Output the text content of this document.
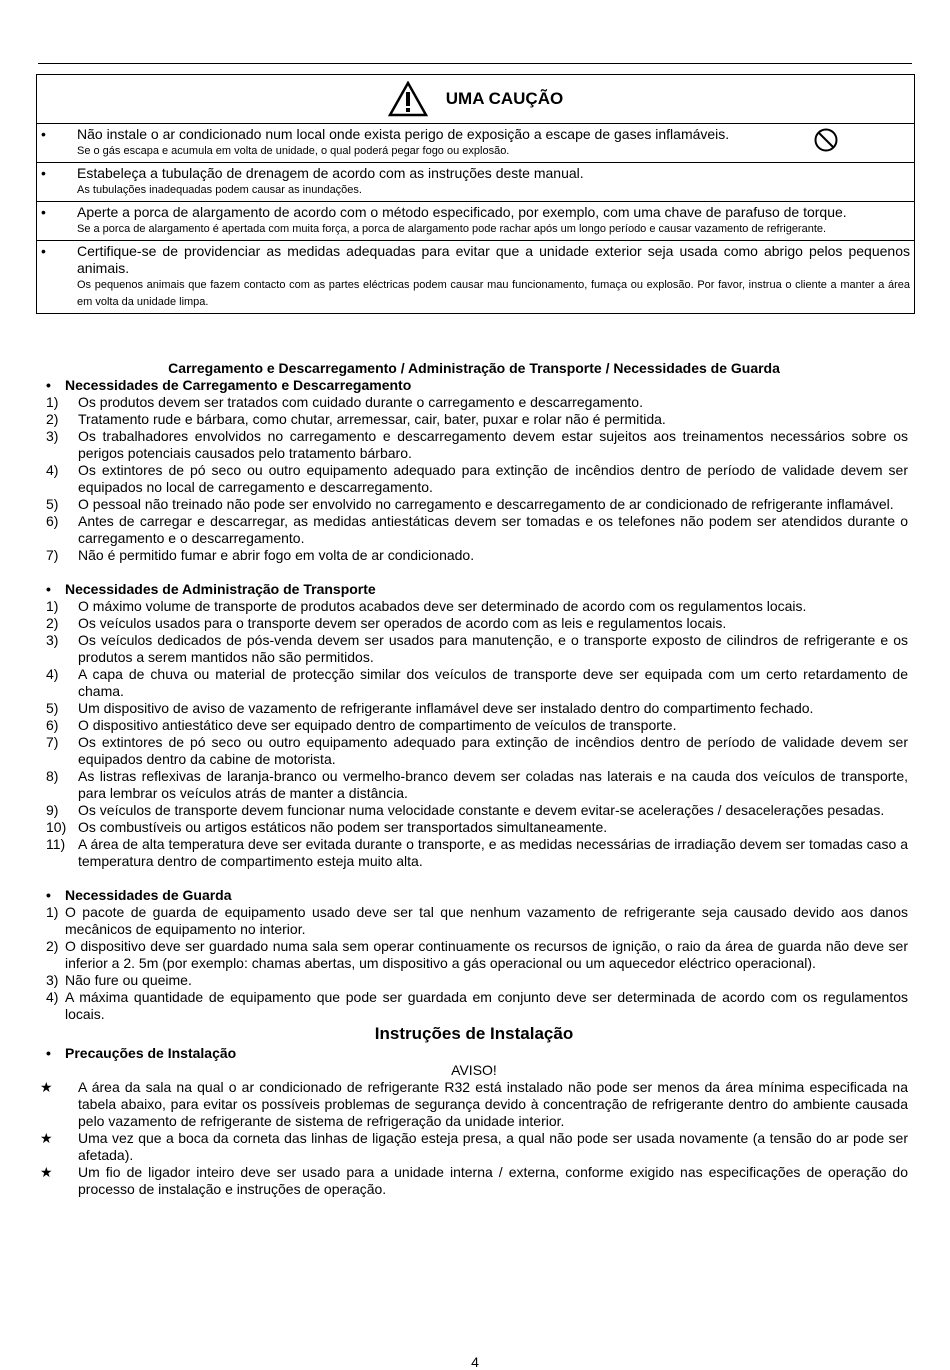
UMA CAUÇÃO
• Não instale o ar condicionado num local onde exista perigo de exposição a escape de gases inflamáveis.
Se o gás escapa e acumula em volta de unidade, o qual poderá pegar fogo ou explosão.
• Estabeleça a tubulação de drenagem de acordo com as instruções deste manual.
As tubulações inadequadas podem causar as inundações.
• Aperte a porca de alargamento de acordo com o método especificado, por exemplo, com uma chave de parafuso de torque.
Se a porca de alargamento é apertada com muita força, a porca de alargamento pode rachar após um longo período e causar vazamento de refrigerante.
• Certifique-se de providenciar as medidas adequadas para evitar que a unidade exterior seja usada como abrigo pelos pequenos animais.
Os pequenos animais que fazem contacto com as partes eléctricas podem causar mau funcionamento, fumaça ou explosão. Por favor, instrua o cliente a manter a área em volta da unidade limpa.
Carregamento e Descarregamento / Administração de Transporte / Necessidades de Guarda
• Necessidades de Carregamento e Descarregamento
1) Os produtos devem ser tratados com cuidado durante o carregamento e descarregamento.
2) Tratamento rude e bárbara, como chutar, arremessar, cair, bater, puxar e rolar não é permitida.
3) Os trabalhadores envolvidos no carregamento e descarregamento devem estar sujeitos aos treinamentos necessários sobre os perigos potenciais causados pelo tratamento bárbaro.
4) Os extintores de pó seco ou outro equipamento adequado para extinção de incêndios dentro de período de validade devem ser equipados no local de carregamento e descarregamento.
5) O pessoal não treinado não pode ser envolvido no carregamento e descarregamento de ar condicionado de refrigerante inflamável.
6) Antes de carregar e descarregar, as medidas antiestáticas devem ser tomadas e os telefones não podem ser atendidos durante o carregamento e o descarregamento.
7) Não é permitido fumar e abrir fogo em volta de ar condicionado.
• Necessidades de Administração de Transporte
1) O máximo volume de transporte de produtos acabados deve ser determinado de acordo com os regulamentos locais.
2) Os veículos usados para o transporte devem ser operados de acordo com as leis e regulamentos locais.
3) Os veículos dedicados de pós-venda devem ser usados para manutenção, e o transporte exposto de cilindros de refrigerante e os produtos a serem mantidos não são permitidos.
4) A capa de chuva ou material de protecção similar dos veículos de transporte deve ser equipada com um certo retardamento de chama.
5) Um dispositivo de aviso de vazamento de refrigerante inflamável deve ser instalado dentro do compartimento fechado.
6) O dispositivo antiestático deve ser equipado dentro de compartimento de veículos de transporte.
7) Os extintores de pó seco ou outro equipamento adequado para extinção de incêndios dentro de período de validade devem ser equipados dentro da cabine de motorista.
8) As listras reflexivas de laranja-branco ou vermelho-branco devem ser coladas nas laterais e na cauda dos veículos de transporte, para lembrar os veículos atrás de manter a distância.
9) Os veículos de transporte devem funcionar numa velocidade constante e devem evitar-se acelerações / desacelerações pesadas.
10) Os combustíveis ou artigos estáticos não podem ser transportados simultaneamente.
11) A área de alta temperatura deve ser evitada durante o transporte, e as medidas necessárias de irradiação devem ser tomadas caso a temperatura dentro de compartimento esteja muito alta.
• Necessidades de Guarda
1) O pacote de guarda de equipamento usado deve ser tal que nenhum vazamento de refrigerante seja causado devido aos danos mecânicos de equipamento no interior.
2) O dispositivo deve ser guardado numa sala sem operar continuamente os recursos de ignição, o raio da área de guarda não deve ser inferior a 2. 5m (por exemplo: chamas abertas, um dispositivo a gás operacional ou um aquecedor eléctrico operacional).
3) Não fure ou queime.
4) A máxima quantidade de equipamento que pode ser guardada em conjunto deve ser determinada de acordo com os regulamentos locais.
Instruções de Instalação
• Precauções de Instalação
AVISO!
★ A área da sala na qual o ar condicionado de refrigerante R32 está instalado não pode ser menos da área mínima especificada na tabela abaixo, para evitar os possíveis problemas de segurança devido à concentração de refrigerante dentro do ambiente causada pelo vazamento de refrigerante de sistema de refrigeração da unidade interior.
★ Uma vez que a boca da corneta das linhas de ligação esteja presa, a qual não pode ser usada novamente (a tensão do ar pode ser afetada).
★ Um fio de ligador inteiro deve ser usado para a unidade interna / externa, conforme exigido nas especificações de operação do processo de instalação e instruções de operação.
4
